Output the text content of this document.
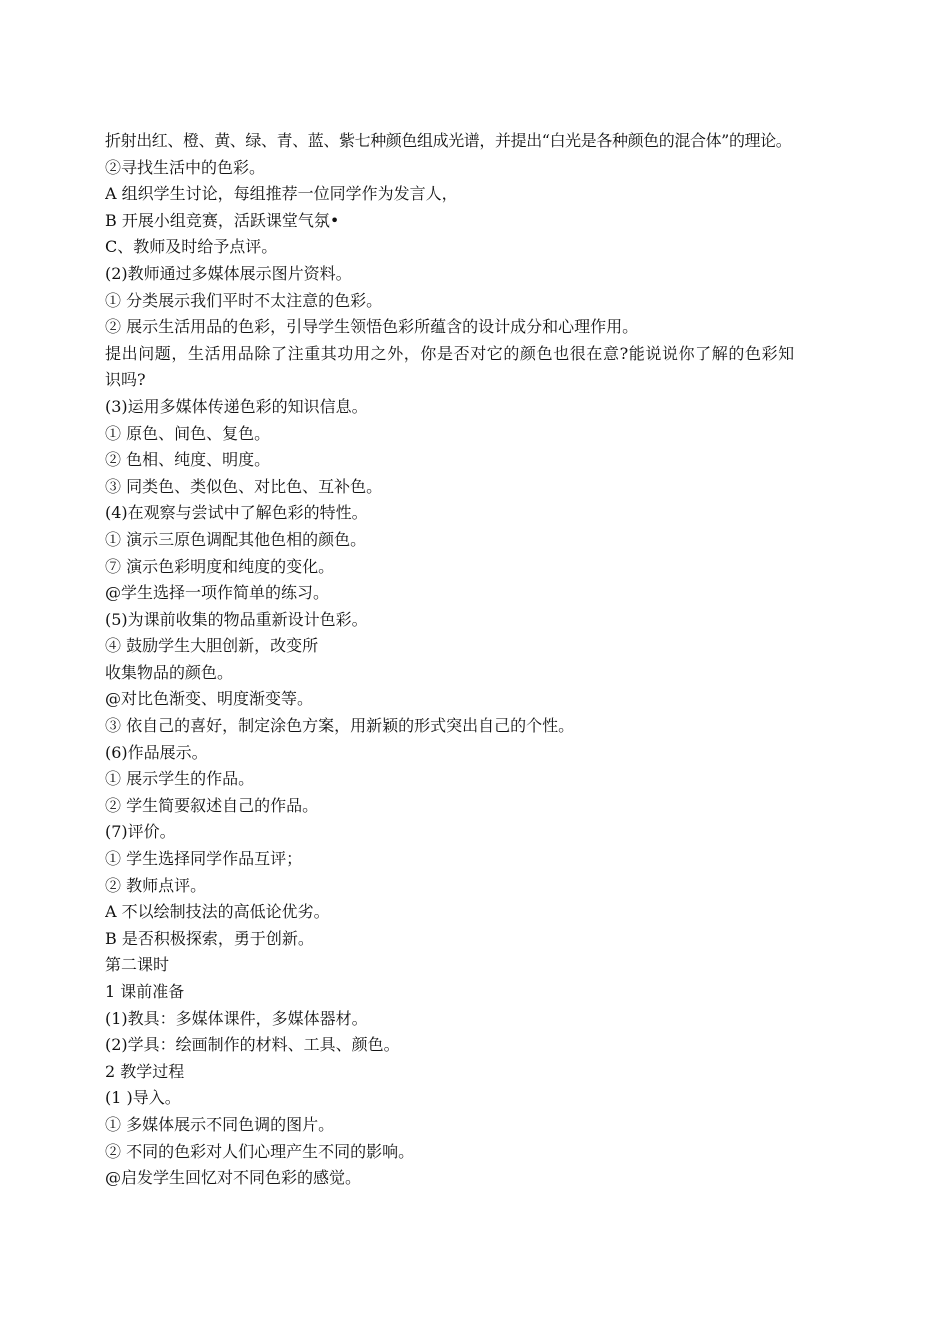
折射出红、橙、黄、绿、青、蓝、紫七种颜色组成光谱，并提出“白光是各种颜色的混合体”的理论。
②寻找生活中的色彩。
A 组织学生讨论，每组推荐一位同学作为发言人，
B 开展小组竞赛，活跃课堂气氛•
C、教师及时给予点评。
(2)教师通过多媒体展示图片资料。
① 分类展示我们平时不太注意的色彩。
② 展示生活用品的色彩，引导学生领悟色彩所蕴含的设计成分和心理作用。
提出问题，生活用品除了注重其功用之外，你是否对它的颜色也很在意?能说说你了解的色彩知
识吗?
(3)运用多媒体传递色彩的知识信息。
① 原色、间色、复色。
② 色相、纯度、明度。
③ 同类色、类似色、对比色、互补色。
(4)在观察与尝试中了解色彩的特性。
① 演示三原色调配其他色相的颜色。
⑦ 演示色彩明度和纯度的变化。
@学生选择一项作简单的练习。
(5)为课前收集的物品重新设计色彩。
④ 鼓励学生大胆创新，改变所
收集物品的颜色。
@对比色渐变、明度渐变等。
③ 依自己的喜好，制定涂色方案，用新颖的形式突出自己的个性。
(6)作品展示。
① 展示学生的作品。
② 学生简要叙述自己的作品。
(7)评价。
① 学生选择同学作品互评；
② 教师点评。
A 不以绘制技法的高低论优劣。
B 是否积极探索，勇于创新。
第二课时
1 课前准备
(1)教具：多媒体课件，多媒体器材。
(2)学具：绘画制作的材料、工具、颜色。
2 教学过程
(1 )导入。
① 多媒体展示不同色调的图片。
② 不同的色彩对人们心理产生不同的影响。
@启发学生回忆对不同色彩的感觉。
